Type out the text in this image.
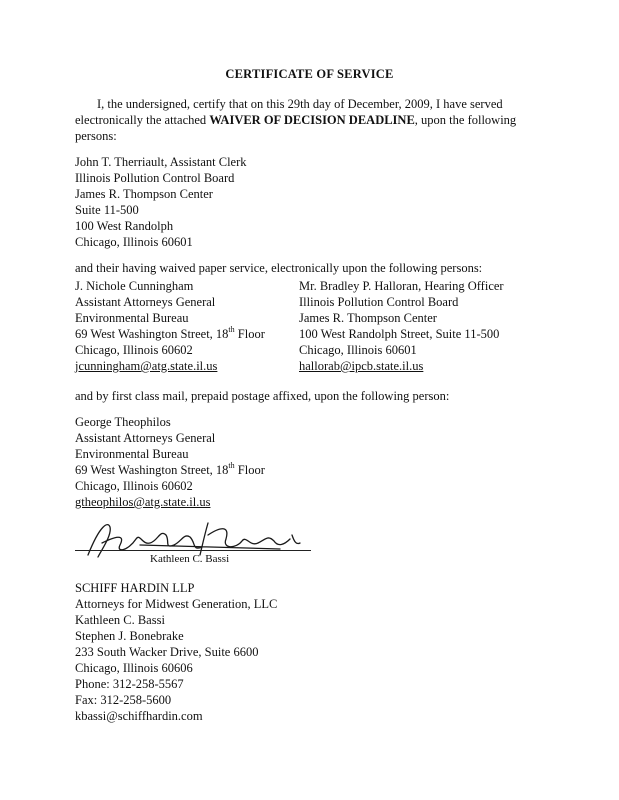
CERTIFICATE OF SERVICE
I, the undersigned, certify that on this 29th day of December, 2009, I have served
electronically the attached WAIVER OF DECISION DEADLINE, upon the following
persons:
John T. Therriault, Assistant Clerk
Illinois Pollution Control Board
James R. Thompson Center
Suite 11-500
100 West Randolph
Chicago, Illinois 60601
and their having waived paper service, electronically upon the following persons:
J. Nichole Cunningham
Assistant Attorneys General
Environmental Bureau
69 West Washington Street, 18th Floor
Chicago, Illinois 60602
jcunningham@atg.state.il.us
Mr. Bradley P. Halloran, Hearing Officer
Illinois Pollution Control Board
James R. Thompson Center
100 West Randolph Street, Suite 11-500
Chicago, Illinois 60601
hallorab@ipcb.state.il.us
and by first class mail, prepaid postage affixed, upon the following person:
George Theophilos
Assistant Attorneys General
Environmental Bureau
69 West Washington Street, 18th Floor
Chicago, Illinois 60602
gtheophilos@atg.state.il.us
Kathleen C. Bassi
SCHIFF HARDIN LLP
Attorneys for Midwest Generation, LLC
Kathleen C. Bassi
Stephen J. Bonebrake
233 South Wacker Drive, Suite 6600
Chicago, Illinois 60606
Phone: 312-258-5567
Fax: 312-258-5600
kbassi@schiffhardin.com
